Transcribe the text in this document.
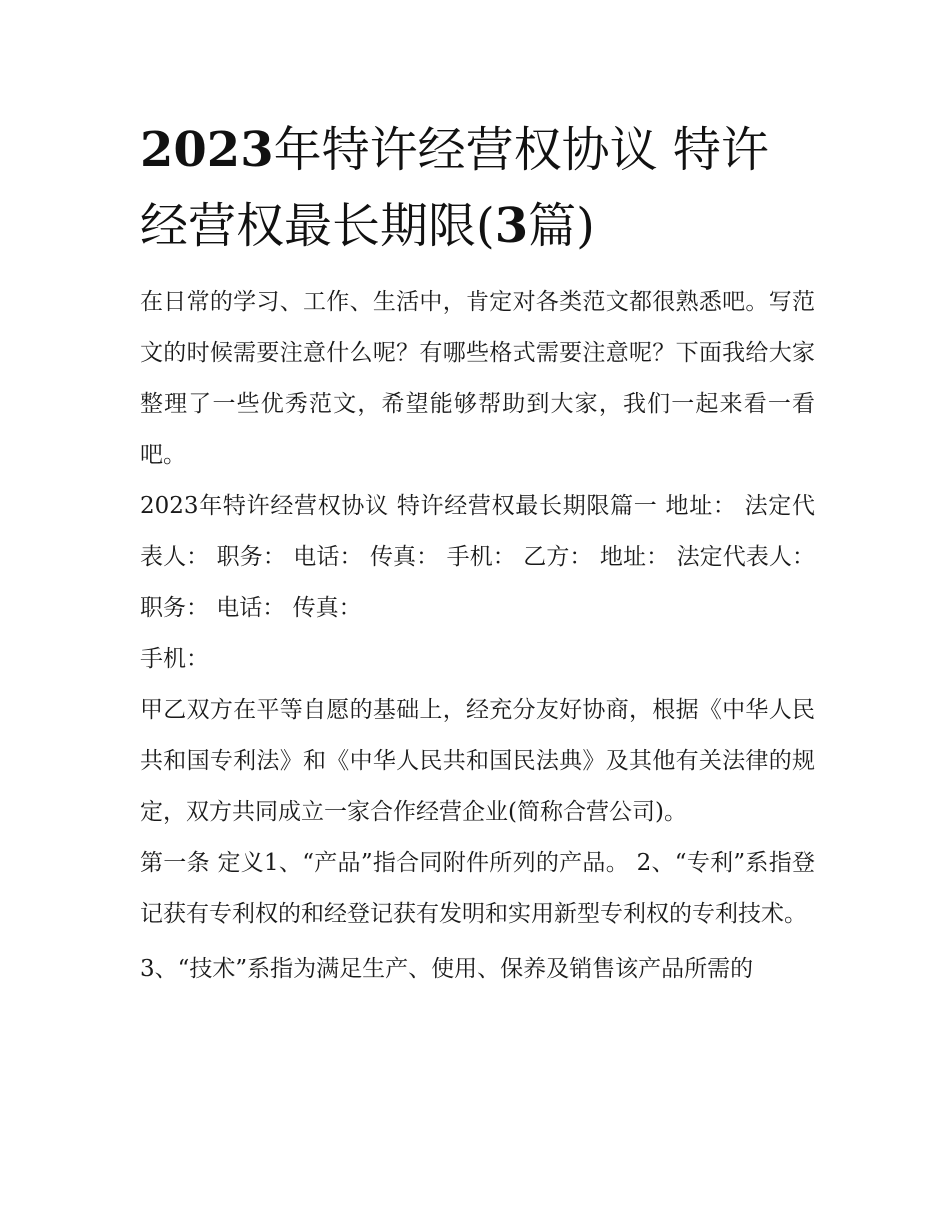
2023年特许经营权协议 特许
经营权最长期限(3篇)

在日常的学习、工作、生活中，肯定对各类范文都很熟悉吧。写范文的时候需要注意什么呢？有哪些格式需要注意呢？下面我给大家整理了一些优秀范文，希望能够帮助到大家，我们一起来看一看吧。

2023年特许经营权协议 特许经营权最长期限篇一 地址： 法定代表人： 职务： 电话： 传真： 手机： 乙方： 地址： 法定代表人： 职务： 电话： 传真：

手机：

甲乙双方在平等自愿的基础上，经充分友好协商，根据《中华人民共和国专利法》和《中华人民共和国民法典》及其他有关法律的规定，双方共同成立一家合作经营企业(简称合营公司)。

第一条 定义1、“产品”指合同附件所列的产品。 2、“专利”系指登记获有专利权的和经登记获有发明和实用新型专利权的专利技术。

3、“技术”系指为满足生产、使用、保养及销售该产品所需的
